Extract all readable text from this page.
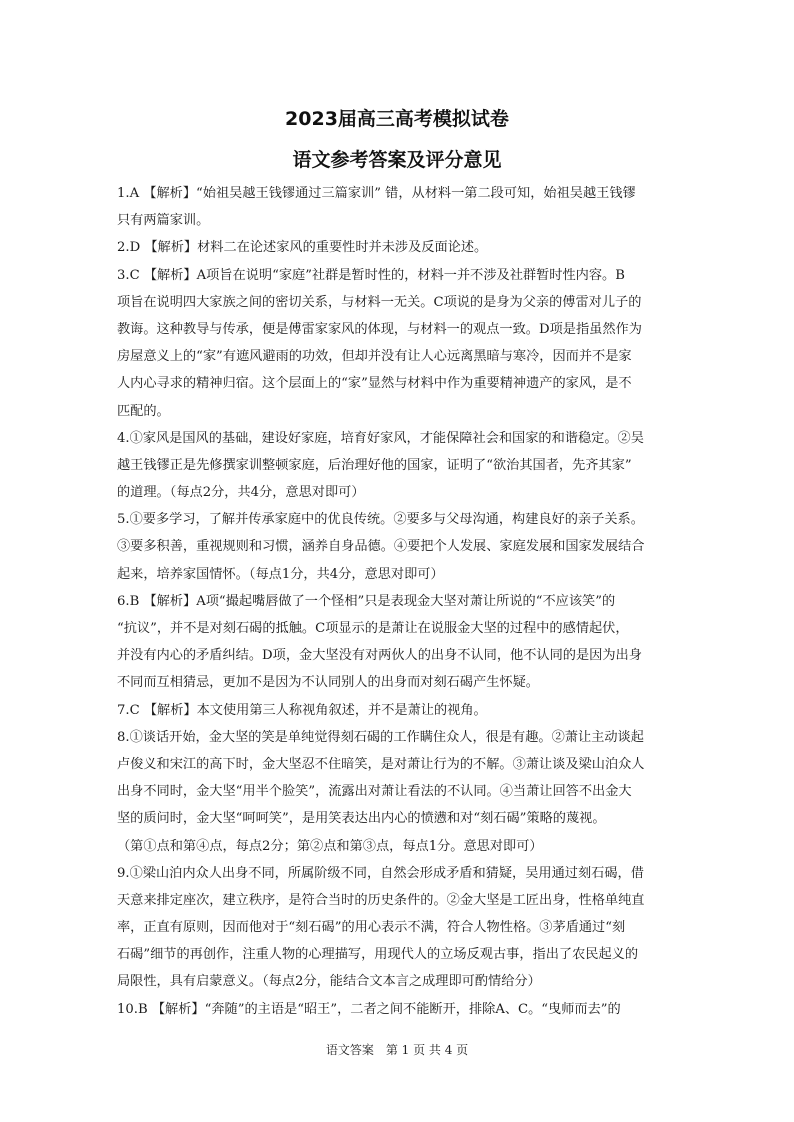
2023届高三高考模拟试卷
语文参考答案及评分意见
1.A 【解析】“始祖吴越王钱镠通过三篇家训” 错，从材料一第二段可知，始祖吴越王钱镠
只有两篇家训。
2.D 【解析】材料二在论述家风的重要性时并未涉及反面论述。
3.C 【解析】A项旨在说明“家庭”社群是暂时性的，材料一并不涉及社群暂时性内容。B
项旨在说明四大家族之间的密切关系，与材料一无关。C项说的是身为父亲的傅雷对儿子的
教诲。这种教导与传承，便是傅雷家家风的体现，与材料一的观点一致。D项是指虽然作为
房屋意义上的“家”有遮风避雨的功效，但却并没有让人心远离黑暗与寒冷，因而并不是家
人内心寻求的精神归宿。这个层面上的“家”显然与材料中作为重要精神遗产的家风，是不
匹配的。
4.①家风是国风的基础，建设好家庭，培育好家风，才能保障社会和国家的和谐稳定。②吴
越王钱镠正是先修撰家训整顿家庭，后治理好他的国家，证明了“欲治其国者，先齐其家”
的道理。（每点2分，共4分，意思对即可）
5.①要多学习，了解并传承家庭中的优良传统。②要多与父母沟通，构建良好的亲子关系。
③要多积善，重视规则和习惯，涵养自身品德。④要把个人发展、家庭发展和国家发展结合
起来，培养家国情怀。（每点1分，共4分，意思对即可）
6.B 【解析】A项“撮起嘴唇做了一个怪相”只是表现金大坚对萧让所说的“不应该笑”的
“抗议”，并不是对刻石碣的抵触。C项显示的是萧让在说服金大坚的过程中的感情起伏，
并没有内心的矛盾纠结。D项，金大坚没有对两伙人的出身不认同，他不认同的是因为出身
不同而互相猜忌，更加不是因为不认同别人的出身而对刻石碣产生怀疑。
7.C 【解析】本文使用第三人称视角叙述，并不是萧让的视角。
8.①谈话开始，金大坚的笑是单纯觉得刻石碣的工作瞒住众人，很是有趣。②萧让主动谈起
卢俊义和宋江的高下时，金大坚忍不住暗笑，是对萧让行为的不解。③萧让谈及梁山泊众人
出身不同时，金大坚“用半个脸笑”，流露出对萧让看法的不认同。④当萧让回答不出金大
坚的质问时，金大坚“呵呵笑”，是用笑表达出内心的愤懑和对“刻石碣”策略的蔑视。
（第①点和第④点，每点2分；第②点和第③点，每点1分。意思对即可）
9.①梁山泊内众人出身不同，所属阶级不同，自然会形成矛盾和猜疑，吴用通过刻石碣，借
天意来排定座次，建立秩序，是符合当时的历史条件的。②金大坚是工匠出身，性格单纯直
率，正直有原则，因而他对于“刻石碣”的用心表示不满，符合人物性格。③茅盾通过“刻
石碣”细节的再创作，注重人物的心理描写，用现代人的立场反观古事，指出了农民起义的
局限性，具有启蒙意义。（每点2分，能结合文本言之成理即可酌情给分）
10.B 【解析】“奔随”的主语是“昭王”，二者之间不能断开，排除A、C。“曳师而去”的
语文答案　第 1 页 共 4 页
